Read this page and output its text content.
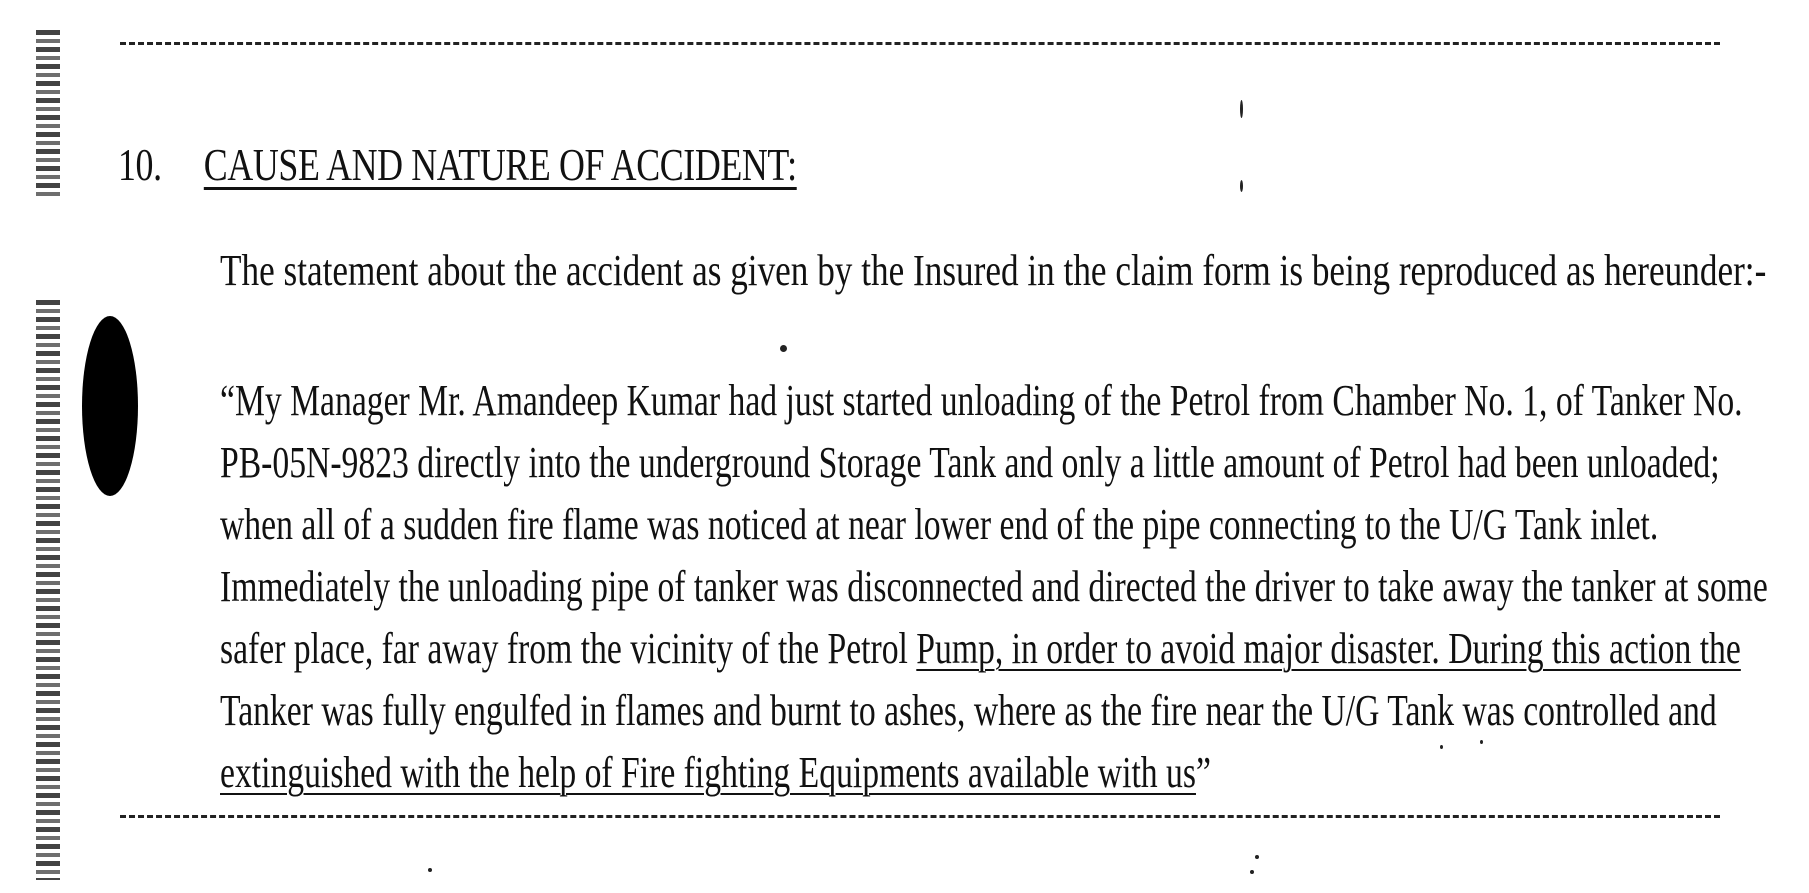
10. CAUSE AND NATURE OF ACCIDENT:
The statement about the accident as given by the Insured in the claim form is being reproduced as hereunder:-
“My Manager Mr. Amandeep Kumar had just started unloading of the Petrol from Chamber No. 1, of Tanker No.
PB-05N-9823 directly into the underground Storage Tank and only a little amount of Petrol had been unloaded;
when all of a sudden fire flame was noticed at near lower end of the pipe connecting to the U/G Tank inlet.
Immediately the unloading pipe of tanker was disconnected and directed the driver to take away the tanker at some
safer place, far away from the vicinity of the Petrol Pump, in order to avoid major disaster. During this action the
Tanker was fully engulfed in flames and burnt to ashes, where as the fire near the U/G Tank was controlled and
extinguished with the help of Fire fighting Equipments available with us ”
